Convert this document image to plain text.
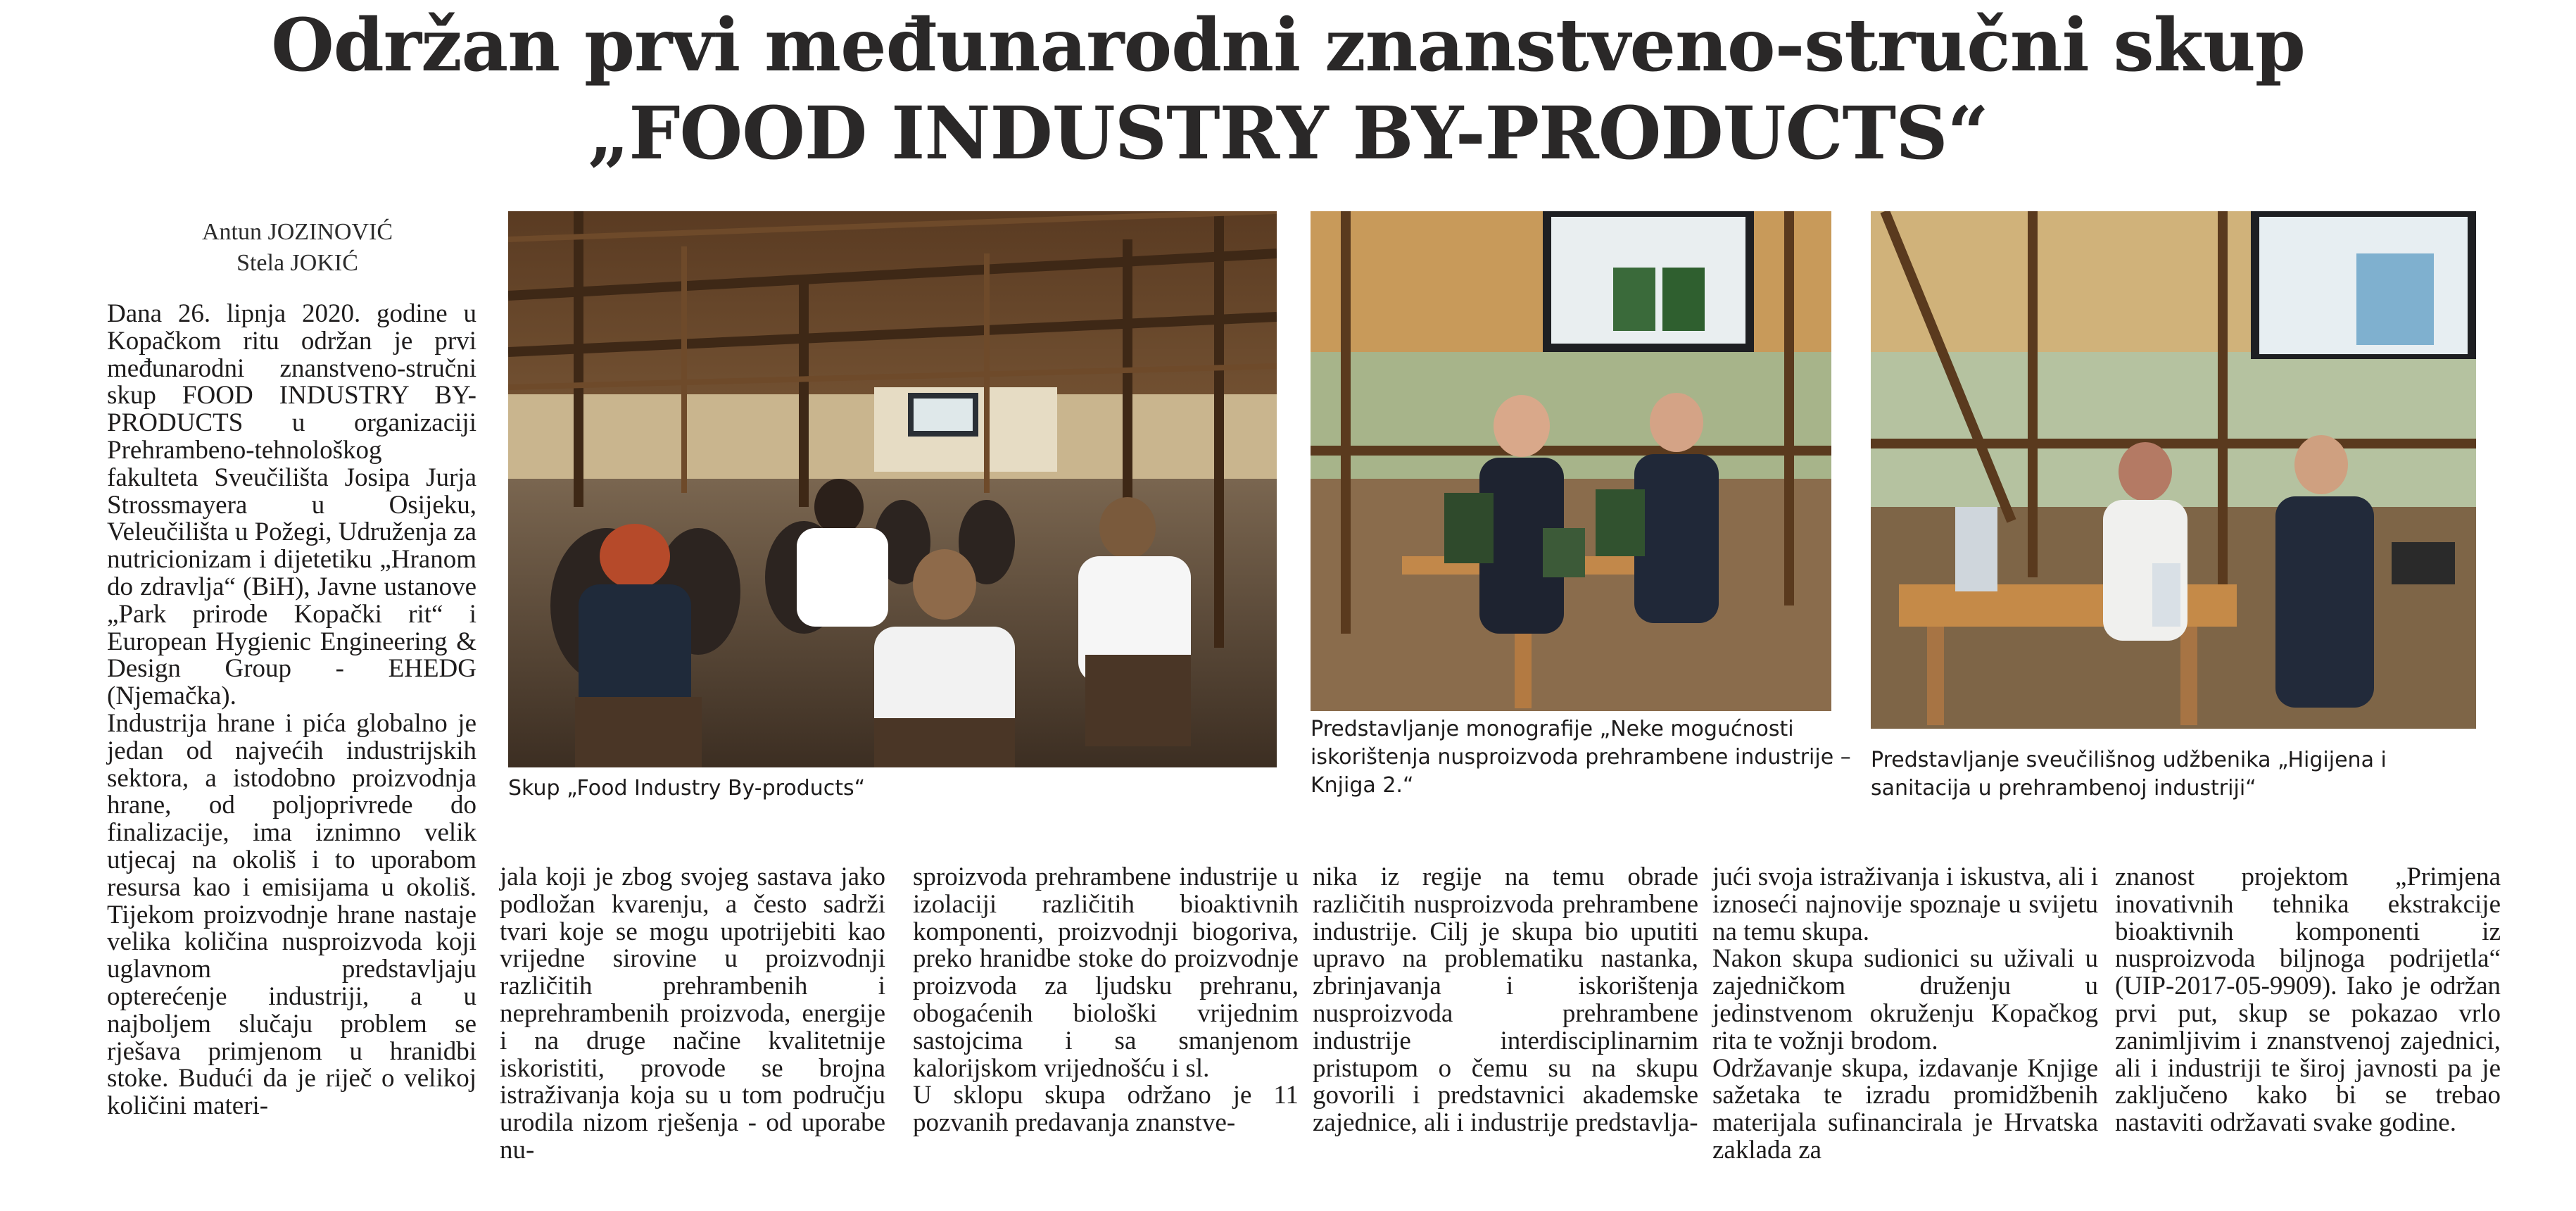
Održan prvi međunarodni znanstveno-stručni skup
„FOOD INDUSTRY BY-PRODUCTS“
Antun JOZINOVIĆ
Stela JOKIĆ
Skup „Food Industry By-products“
Predstavljanje monografije „Neke mogućnosti iskorištenja nusproizvoda prehrambene industrije – Knjiga 2.“
Predstavljanje sveučilišnog udžbenika „Higijena i sanitacija u prehrambenoj industriji“

Dana 26. lipnja 2020. godine u Kopačkom ritu održan je prvi međunarodni znanstveno-stručni skup FOOD INDUSTRY BY-PRODUCTS u organizaciji Prehrambeno-tehnološkog fakulteta Sveučilišta Josipa Jurja Strossmayera u Osijeku, Veleučilišta u Požegi, Udruženja za nutricionizam i dijetetiku „Hranom do zdravlja“ (BiH), Javne ustanove „Park prirode Kopački rit“ i European Hygienic Engineering & Design Group - EHEDG (Njemačka).

Industrija hrane i pića globalno je jedan od najvećih industrijskih sektora, a istodobno proizvodnja hrane, od poljoprivrede do finalizacije, ima iznimno velik utjecaj na okoliš i to uporabom resursa kao i emisijama u okoliš. Tijekom proizvodnje hrane nastaje velika količina nusproizvoda koji uglavnom predstavljaju opterećenje industriji, a u najboljem slučaju problem se rješava primjenom u hranidbi stoke. Budući da je riječ o velikoj količini materi-

jala koji je zbog svojeg sastava jako podložan kvarenju, a često sadrži tvari koje se mogu upotrijebiti kao vrijedne sirovine u proizvodnji različitih prehrambenih i neprehrambenih proizvoda, energije i na druge načine kvalitetnije iskoristiti, provode se brojna istraživanja koja su u tom području urodila nizom rješenja - od uporabe nu-

sproizvoda prehrambene industrije u izolaciji različitih bioaktivnih komponenti, proizvodnji biogoriva, preko hranidbe stoke do proizvodnje proizvoda za ljudsku prehranu, obogaćenih biološki vrijednim sastojcima i sa smanjenom kalorijskom vrijednošću i sl.

U sklopu skupa održano je 11 pozvanih predavanja znanstve-

nika iz regije na temu obrade različitih nusproizvoda prehrambene industrije. Cilj je skupa bio uputiti upravo na problematiku nastanka, zbrinjavanja i iskorištenja nusproizvoda prehrambene industrije interdisciplinarnim pristupom o čemu su na skupu govorili i predstavnici akademske zajednice, ali i industrije predstavlja-

jući svoja istraživanja i iskustva, ali i iznoseći najnovije spoznaje u svijetu na temu skupa.

Nakon skupa sudionici su uživali u zajedničkom druženju u jedinstvenom okruženju Kopačkog rita te vožnji brodom.

Održavanje skupa, izdavanje Knjige sažetaka te izradu promidžbenih materijala sufinancirala je Hrvatska zaklada za

znanost projektom „Primjena inovativnih tehnika ekstrakcije bioaktivnih komponenti iz nusproizvoda biljnoga podrijetla“ (UIP-2017-05-9909). Iako je održan prvi put, skup se pokazao vrlo zanimljivim i znanstvenoj zajednici, ali i industriji te široj javnosti pa je zaključeno kako bi se trebao nastaviti održavati svake godine.
